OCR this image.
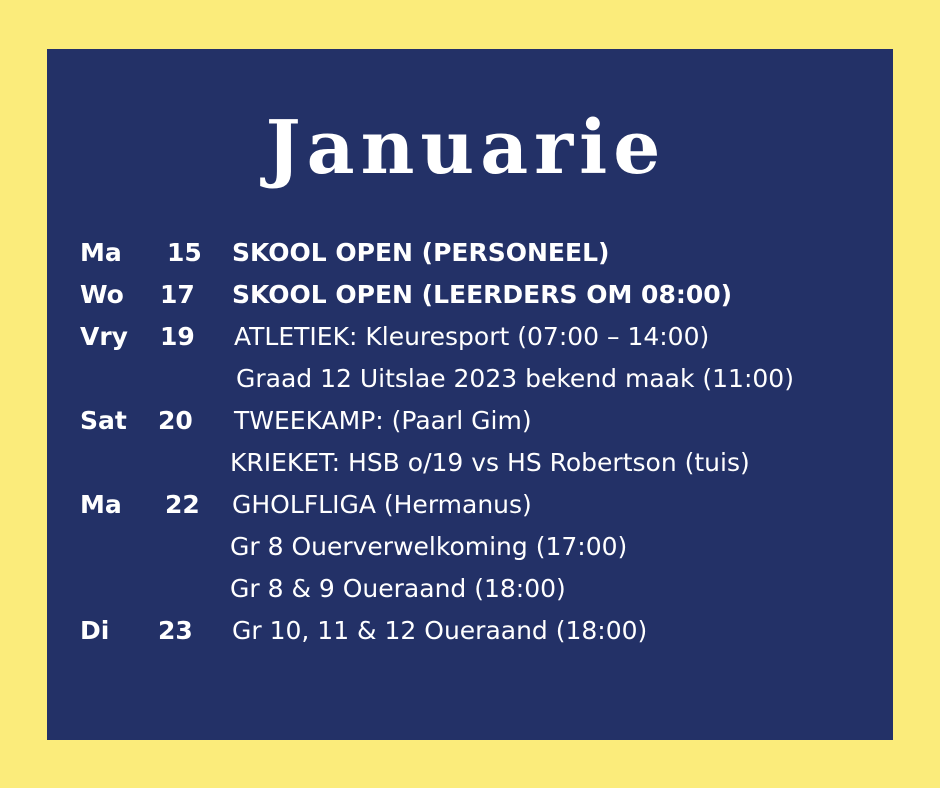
Januarie
Ma 15 SKOOL OPEN (PERSONEEL)
Wo 17 SKOOL OPEN (LEERDERS OM 08:00)
Vry 19 ATLETIEK: Kleuresport (07:00 – 14:00)
Graad 12 Uitslae 2023 bekend maak (11:00)
Sat 20 TWEEKAMP: (Paarl Gim)
KRIEKET: HSB o/19 vs HS Robertson (tuis)
Ma 22 GHOLFLIGA (Hermanus)
Gr 8 Ouerverwelkoming (17:00)
Gr 8 & 9 Oueraand (18:00)
Di 23 Gr 10, 11 & 12 Oueraand (18:00)
